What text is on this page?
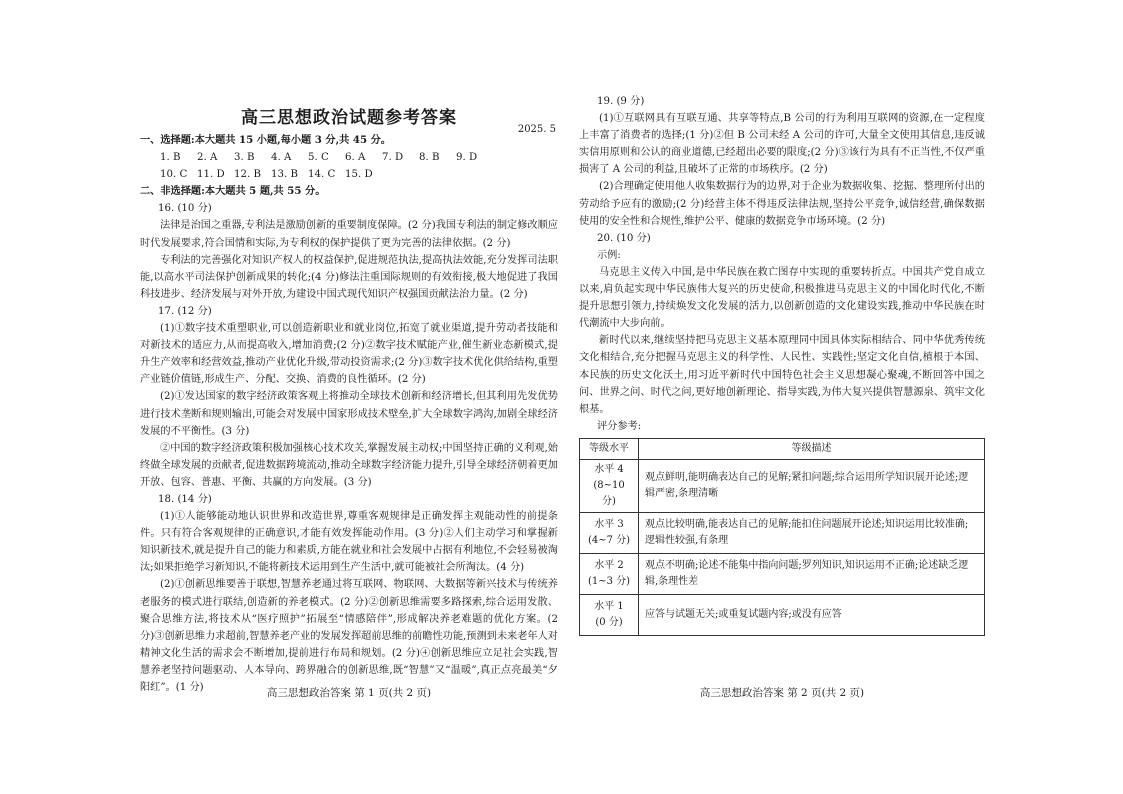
高三思想政治试题参考答案
2025. 5
一、选择题:本大题共 15 小题,每小题 3 分,共 45 分。
1. B 2. A 3. B 4. A 5. C 6. A 7. D 8. B 9. D
10. C 11. D 12. B 13. B 14. C 15. D
二、非选择题:本大题共 5 题,共 55 分。
16. (10 分)
法律是治国之重器,专利法是激励创新的重要制度保障。(2 分)我国专利法的制定修改顺应时代发展要求,符合国情和实际,为专利权的保护提供了更为完善的法律依据。(2 分)
专利法的完善强化对知识产权人的权益保护,促进规范执法,提高执法效能,充分发挥司法职能,以高水平司法保护创新成果的转化;(4 分)修法注重国际规则的有效衔接,极大地促进了我国科技进步、经济发展与对外开放,为建设中国式现代知识产权强国贡献法治力量。(2 分)
17. (12 分)
(1)①数字技术重塑职业,可以创造新职业和就业岗位,拓宽了就业渠道,提升劳动者技能和对新技术的适应力,从而提高收入,增加消费;(2 分)②数字技术赋能产业,催生新业态新模式,提升生产效率和经营效益,推动产业优化升级,带动投资需求;(2 分)③数字技术优化供给结构,重塑产业链价值链,形成生产、分配、交换、消费的良性循环。(2 分)
(2)①发达国家的数字经济政策客观上将推动全球技术创新和经济增长,但其利用先发优势进行技术垄断和规则输出,可能会对发展中国家形成技术壁垒,扩大全球数字鸿沟,加剧全球经济发展的不平衡性。(3 分)
②中国的数字经济政策积极加强核心技术攻关,掌握发展主动权;中国坚持正确的义利观,始终做全球发展的贡献者,促进数据跨境流动,推动全球数字经济能力提升,引导全球经济朝着更加开放、包容、普惠、平衡、共赢的方向发展。(3 分)
18. (14 分)
(1)①人能够能动地认识世界和改造世界,尊重客观规律是正确发挥主观能动性的前提条件。只有符合客观规律的正确意识,才能有效发挥能动作用。(3 分)②人们主动学习和掌握新知识新技术,就是提升自己的能力和素质,方能在就业和社会发展中占据有利地位,不会轻易被淘汰;如果拒绝学习新知识,不能将新技术运用到生产生活中,就可能被社会所淘汰。(4 分)
(2)①创新思维要善于联想,智慧养老通过将互联网、物联网、大数据等新兴技术与传统养老服务的模式进行联结,创造新的养老模式。(2 分)②创新思维需要多路探索,综合运用发散、聚合思维方法,将技术从“医疗照护”拓展至“情感陪伴”,形成解决养老难题的优化方案。(2 分)③创新思维力求超前,智慧养老产业的发展发挥超前思维的前瞻性功能,预测到未来老年人对精神文化生活的需求会不断增加,提前进行布局和规划。(2 分)④创新思维应立足社会实践,智慧养老坚持问题驱动、人本导向、跨界融合的创新思维,既“智慧”又“温暖”,真正点亮最美“夕阳红”。(1 分)	高三思想政治答案 第 1 页(共 2 页)
19. (9 分)
(1)①互联网具有互联互通、共享等特点,B 公司的行为利用互联网的资源,在一定程度上丰富了消费者的选择;(1 分)②但 B 公司未经 A 公司的许可,大量全文使用其信息,违反诚实信用原则和公认的商业道德,已经超出必要的限度;(2 分)③该行为具有不正当性,不仅严重损害了 A 公司的利益,且破坏了正常的市场秩序。(2 分)
(2)合理确定使用他人收集数据行为的边界,对于企业为数据收集、挖掘、整理所付出的劳动给予应有的激励;(2 分)经营主体不得违反法律法规,坚持公平竞争,诚信经营,确保数据使用的安全性和合规性,维护公平、健康的数据竞争市场环境。(2 分)
20. (10 分)
示例:
马克思主义传入中国,是中华民族在救亡图存中实现的重要转折点。中国共产党自成立以来,肩负起实现中华民族伟大复兴的历史使命,积极推进马克思主义的中国化时代化,不断提升思想引领力,持续焕发文化发展的活力,以创新创造的文化建设实践,推动中华民族在时代潮流中大步向前。
新时代以来,继续坚持把马克思主义基本原理同中国具体实际相结合、同中华优秀传统文化相结合,充分把握马克思主义的科学性、人民性、实践性;坚定文化自信,植根于本国、本民族的历史文化沃土,用习近平新时代中国特色社会主义思想凝心聚魂,不断回答中国之问、世界之问、时代之问,更好地创新理论、指导实践,为伟大复兴提供智慧源泉、筑牢文化根基。
评分参考:
等级水平	等级描述

水平 4
(8~10 分)	观点鲜明,能明确表达自己的见解;紧扣问题;综合运用所学知识展开论述;逻辑严密,条理清晰

水平 3
(4~7 分)	观点比较明确,能表达自己的见解;能扣住问题展开论述;知识运用比较准确;逻辑性较强,有条理

水平 2
(1~3 分)	观点不明确;论述不能集中指向问题;罗列知识,知识运用不正确;论述缺乏逻辑,条理性差

水平 1
(0 分)	应答与试题无关;或重复试题内容;或没有应答
高三思想政治答案 第 2 页(共 2 页)
